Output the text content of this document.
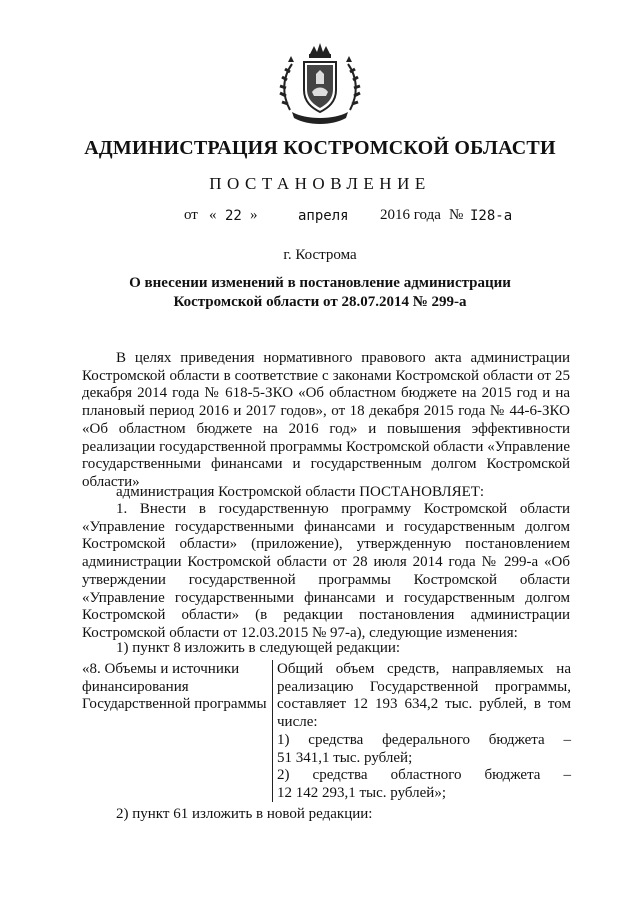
АДМИНИСТРАЦИЯ КОСТРОМСКОЙ ОБЛАСТИ
ПОСТАНОВЛЕНИЕ
от « 22 »	апреля 2016 года № I28-а
г. Кострома
О внесении изменений в постановление администрации
Костромской области от 28.07.2014 № 299-а
В целях приведения нормативного правового акта администрации Костромской области в соответствие с законами Костромской области от 25 декабря 2014 года № 618-5-ЗКО «Об областном бюджете на 2015 год и на плановый период 2016 и 2017 годов», от 18 декабря 2015 года № 44-6-ЗКО «Об областном бюджете на 2016 год» и повышения эффективности реализации государственной программы Костромской области «Управление государственными финансами и государственным долгом Костромской области»
администрация Костромской области ПОСТАНОВЛЯЕТ:
1. Внести в государственную программу Костромской области «Управление государственными финансами и государственным долгом Костромской области» (приложение), утвержденную постановлением администрации Костромской области от 28 июля 2014 года № 299-а «Об утверждении государственной программы Костромской области «Управление государственными финансами и государственным долгом Костромской области» (в редакции постановления администрации Костромской области от 12.03.2015 № 97-а), следующие изменения:
1) пункт 8 изложить в следующей редакции:
«8. Объемы и источники
финансирования
Государственной программы
Общий объем средств, направляемых на реализацию Государственной программы, составляет 12 193 634,2 тыс. рублей, в том числе:
1) средства федерального бюджета –
51 341,1 тыс. рублей;
2) средства областного бюджета –
12 142 293,1 тыс. рублей»;
2) пункт 61 изложить в новой редакции:
